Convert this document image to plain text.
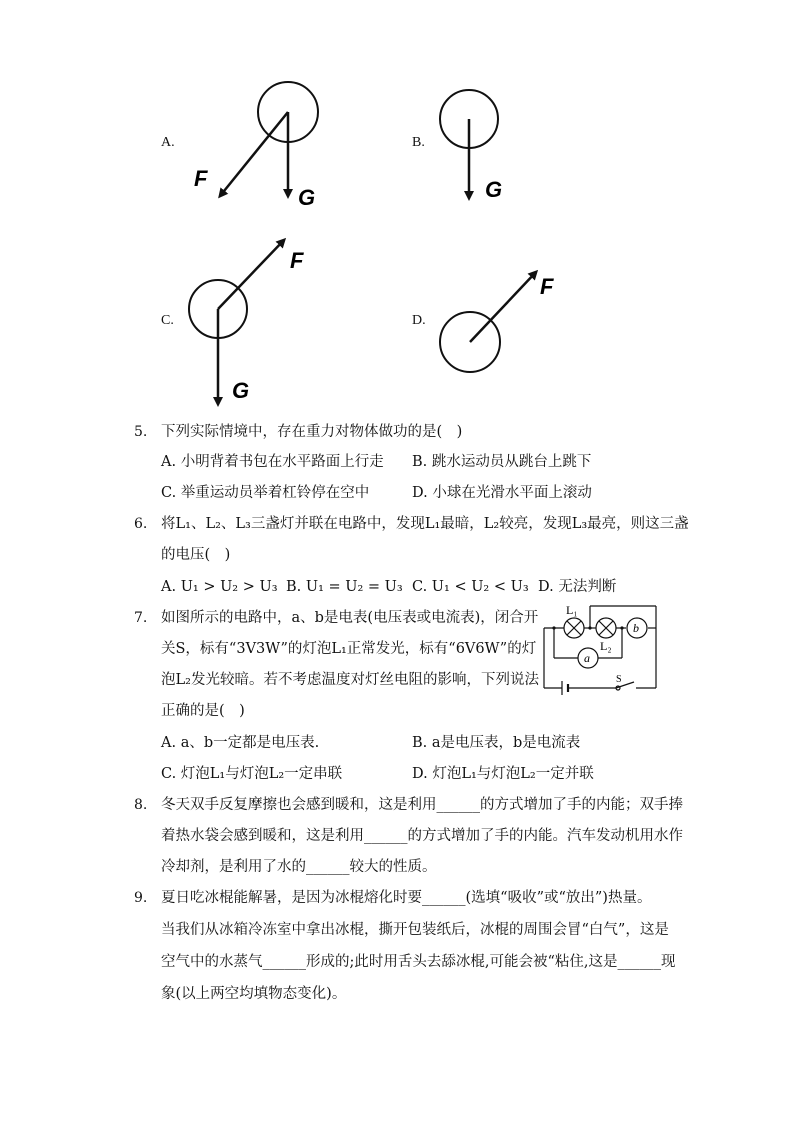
A.
F
G
B.
G
C.
F
G
D.
F
5. 下列实际情境中，存在重力对物体做功的是(　)
A. 小明背着书包在水平路面上行走 B. 跳水运动员从跳台上跳下
C. 举重运动员举着杠铃停在空中	D. 小球在光滑水平面上滚动
6. 将L₁、L₂、L₃三盏灯并联在电路中，发现L₁最暗，L₂较亮，发现L₃最亮，则这三盏
的电压(　)
A. U₁ > U₂ > U₃ B. U₁ = U₂ = U₃ C. U₁ < U₂ < U₃ D. 无法判断
7. 如图所示的电路中，a、b是电表(电压表或电流表)，闭合开
关S，标有“3V3W”的灯泡L₁正常发光，标有“6V6W”的灯
泡L₂发光较暗。若不考虑温度对灯丝电阻的影响，下列说法
正确的是(　)
L₁
L₂
a
b
S
A. a、b一定都是电压表.	B. a是电压表，b是电流表
C. 灯泡L₁与灯泡L₂一定串联	D. 灯泡L₁与灯泡L₂一定并联
8. 冬天双手反复摩擦也会感到暖和，这是利用______的方式增加了手的内能；双手捧
着热水袋会感到暖和，这是利用______的方式增加了手的内能。汽车发动机用水作
冷却剂，是利用了水的______较大的性质。
9. 夏日吃冰棍能解暑，是因为冰棍熔化时要______(选填“吸收”或“放出”)热量。
当我们从冰箱冷冻室中拿出冰棍，撕开包装纸后，冰棍的周围会冒“白气”，这是
空气中的水蒸气______形成的;此时用舌头去舔冰棍,可能会被“粘住,这是______现
象(以上两空均填物态变化)。
